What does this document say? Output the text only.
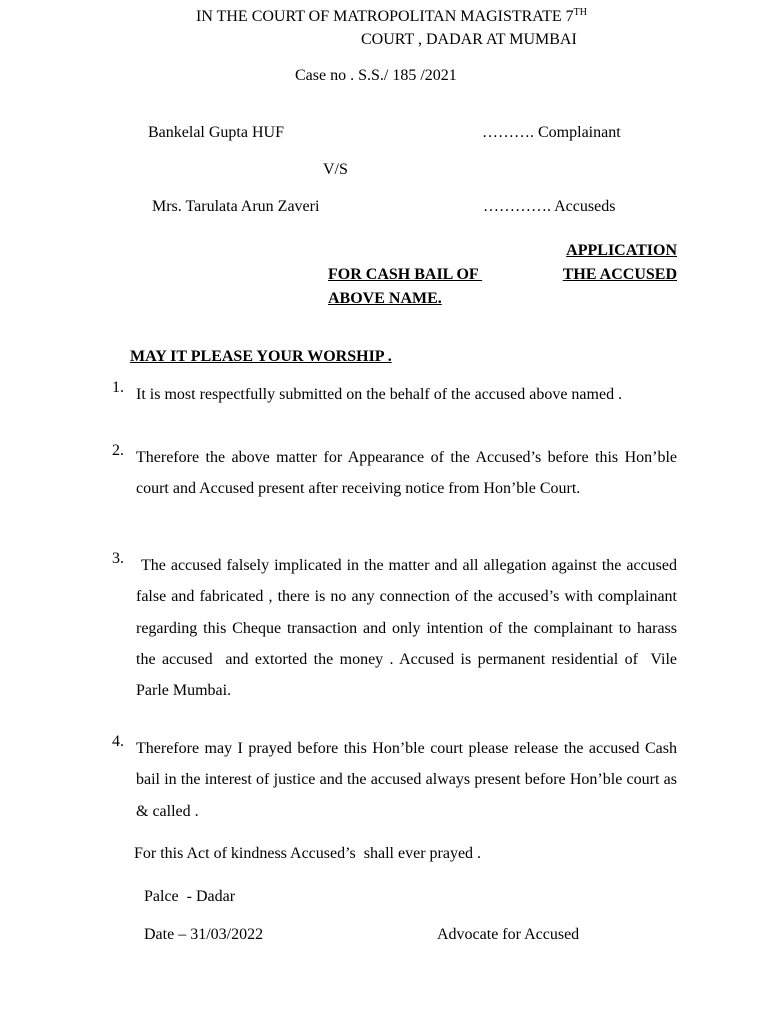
IN THE COURT OF MATROPOLITAN MAGISTRATE 7TH
COURT , DADAR AT MUMBAI
Case no . S.S./ 185 /2021
Bankelal Gupta HUF	………. Complainant
V/S
Mrs. Tarulata Arun Zaveri	…………. Accuseds
APPLICATION
FOR CASH BAIL OF	THE ACCUSED
ABOVE NAME.
MAY IT PLEASE YOUR WORSHIP .
1. It is most respectfully submitted on the behalf of the accused above named .
2. Therefore the above matter for Appearance of the Accused’s before this Hon’ble court and Accused present after receiving notice from Hon’ble Court.
3. The accused falsely implicated in the matter and all allegation against the accused  false and fabricated , there is no any connection of the accused’s with complainant regarding this Cheque transaction and only intention of the complainant to harass  the accused  and extorted the money . Accused is permanent residential of  Vile Parle Mumbai.
4. Therefore may I prayed before this Hon’ble court please release the accused Cash bail in the interest of justice and the accused always present before Hon’ble court as & called .
For this Act of kindness Accused’s  shall ever prayed .
Palce  - Dadar
Date – 31/03/2022	Advocate for Accused
